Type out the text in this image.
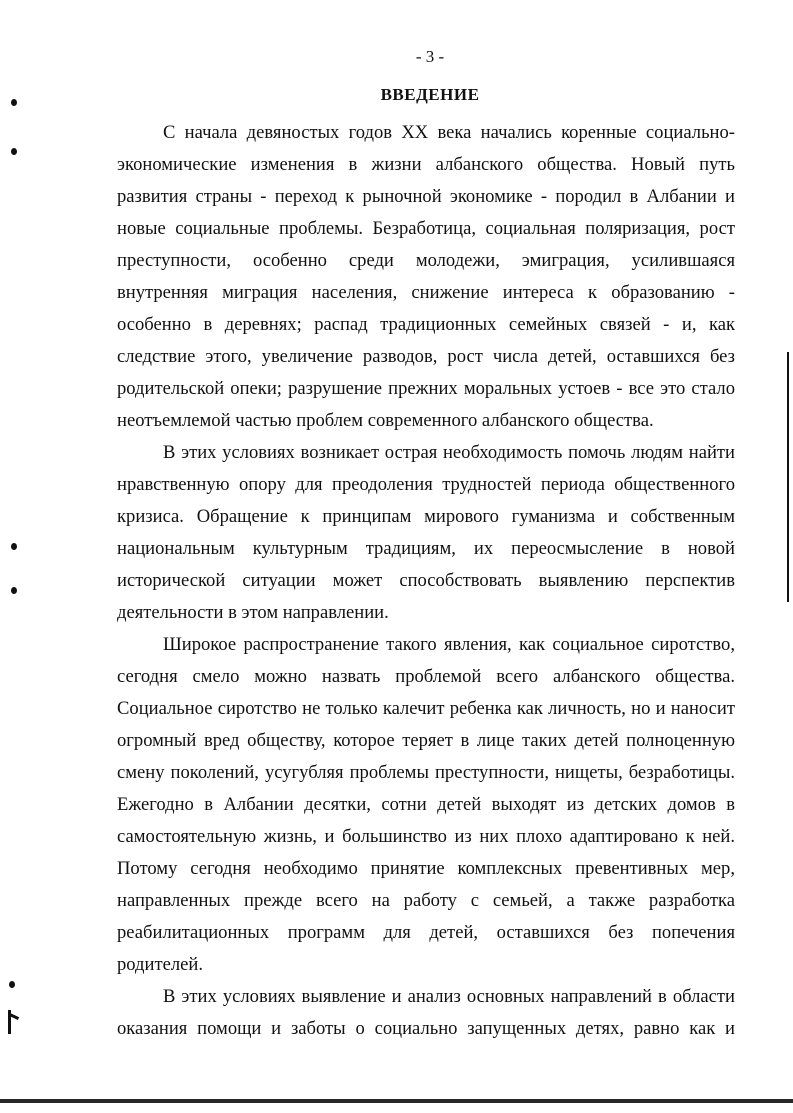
- 3 -
ВВЕДЕНИЕ
С начала девяностых годов XX века начались коренные социально-
экономические изменения в жизни албанского общества. Новый путь
развития страны - переход к рыночной экономике - породил в Албании и
новые социальные проблемы. Безработица, социальная поляризация, рост
преступности, особенно среди молодежи, эмиграция, усилившаяся
внутренняя миграция населения, снижение интереса к образованию -
особенно в деревнях; распад традиционных семейных связей - и, как
следствие этого, увеличение разводов, рост числа детей, оставшихся без
родительской опеки; разрушение прежних моральных устоев - все это стало
неотъемлемой частью проблем современного албанского общества.
В этих условиях возникает острая необходимость помочь людям найти
нравственную опору для преодоления трудностей периода общественного
кризиса. Обращение к принципам мирового гуманизма и собственным
национальным культурным традициям, их переосмысление в новой
исторической ситуации может способствовать выявлению перспектив
деятельности в этом направлении.
Широкое распространение такого явления, как социальное сиротство,
сегодня смело можно назвать проблемой всего албанского общества.
Социальное сиротство не только калечит ребенка как личность, но и наносит
огромный вред обществу, которое теряет в лице таких детей полноценную
смену поколений, усугубляя проблемы преступности, нищеты, безработицы.
Ежегодно в Албании десятки, сотни детей выходят из детских домов в
самостоятельную жизнь, и большинство из них плохо адаптировано к ней.
Потому сегодня необходимо принятие комплексных превентивных мер,
направленных прежде всего на работу с семьей, а также разработка
реабилитационных программ для детей, оставшихся без попечения
родителей.
В этих условиях выявление и анализ основных направлений в области
оказания помощи и заботы о социально запущенных детях, равно как и
